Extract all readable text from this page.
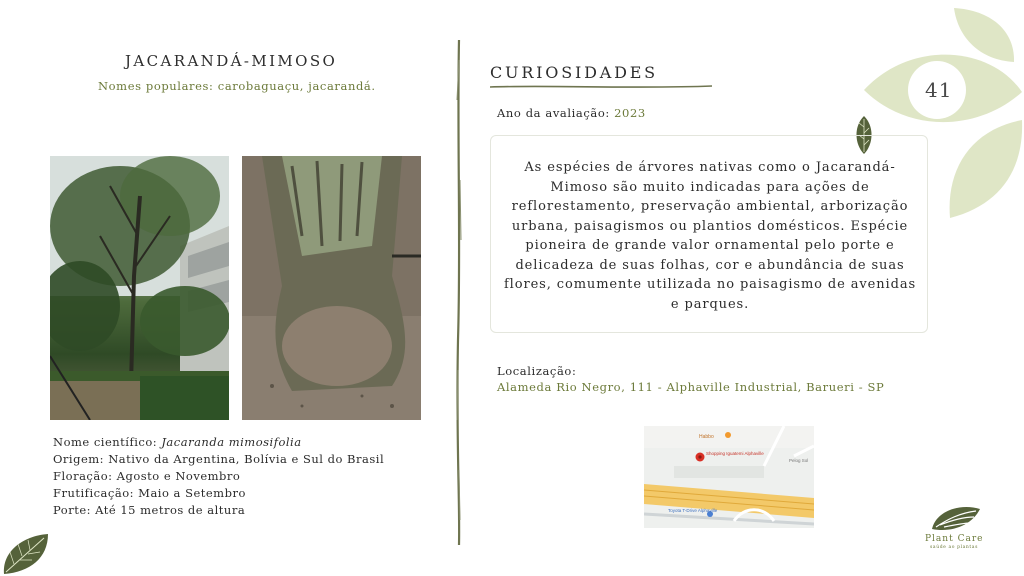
41
JACARANDÁ-MIMOSO
Nomes populares: carobaguaçu, jacarandá.
Nome científico: Jacaranda mimosifolia
Origem: Nativo da Argentina, Bolívia e Sul do Brasil
Floração: Agosto e Novembro
Frutificação: Maio a Setembro
Porte: Até 15 metros de altura
CURIOSIDADES
Ano da avaliação: 2023
As espécies de árvores nativas como o Jacarandá-Mimoso são muito indicadas para ações de reflorestamento, preservação ambiental, arborização urbana, paisagismos ou plantios domésticos. Espécie pioneira de grande valor ornamental pelo porte e delicadeza de suas folhas, cor e abundância de suas flores, comumente utilizada no paisagismo de avenidas e parques.
Localização:
Alameda Rio Negro, 111 - Alphaville Industrial, Barueri - SP
Habbo
Shopping Iguatemi Alphaville
Pelog Sol
Toyota T-Drive Alphaville
Plant Care
saúde ao plantas
